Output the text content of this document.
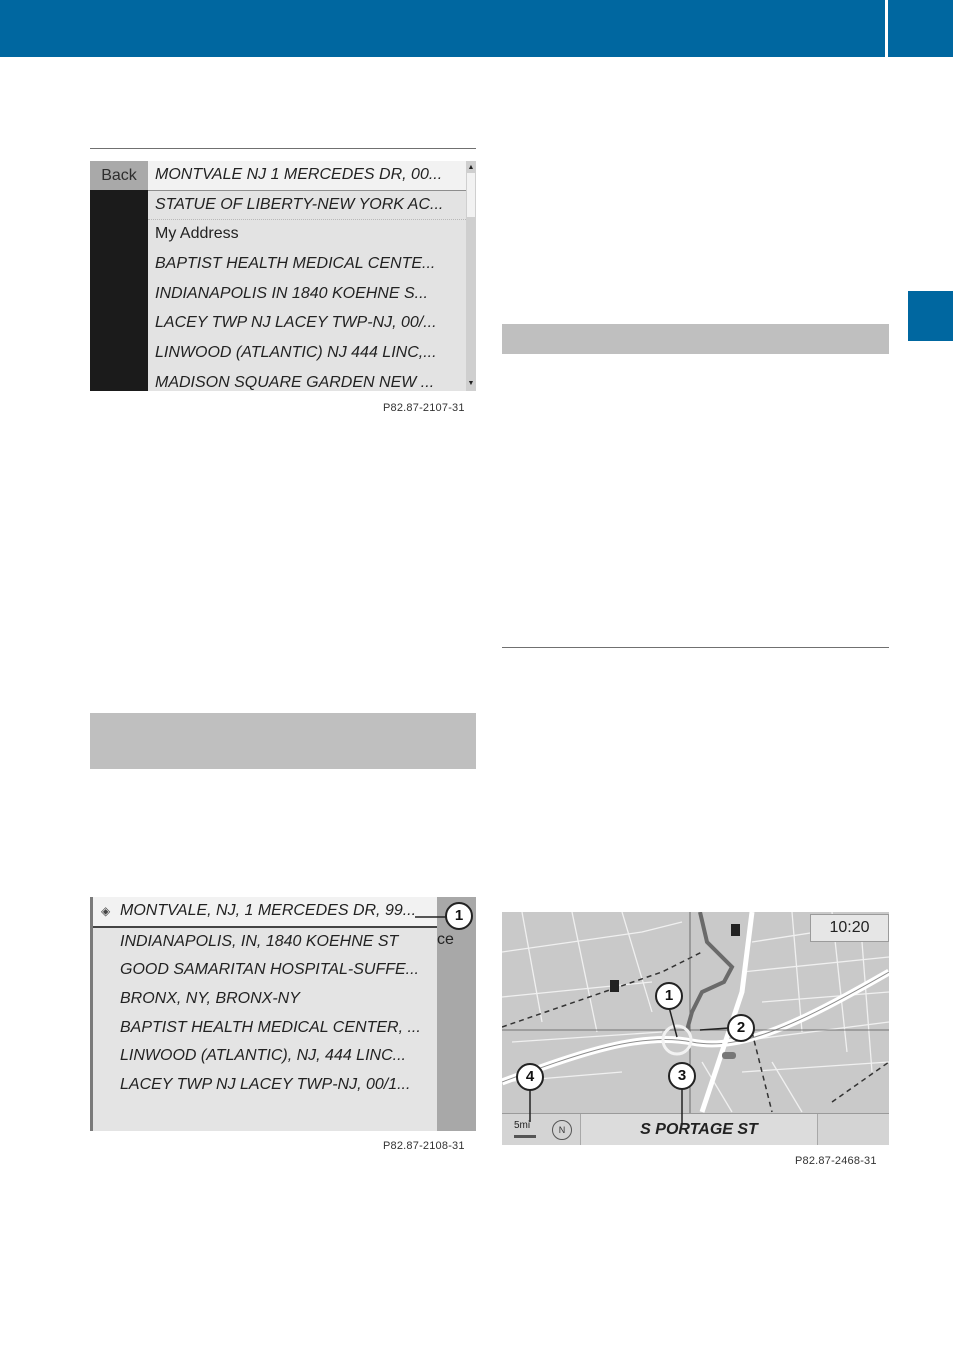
Back	MONTVALE NJ 1 MERCEDES DR, 00...
STATUE OF LIBERTY-NEW YORK AC...
My Address
BAPTIST HEALTH MEDICAL CENTE...
INDIANAPOLIS IN 1840 KOEHNE S...
LACEY TWP NJ LACEY TWP-NJ, 00/...
LINWOOD (ATLANTIC) NJ 444 LINC,...
MADISON SQUARE GARDEN NEW ...
▲
▼
P82.87-2107-31
◈ MONTVALE, NJ, 1 MERCEDES DR, 99...
INDIANAPOLIS, IN, 1840 KOEHNE ST
GOOD SAMARITAN HOSPITAL-SUFFE...
BRONX, NY, BRONX-NY
BAPTIST HEALTH MEDICAL CENTER, ...
LINWOOD (ATLANTIC), NJ, 444 LINC...
LACEY TWP NJ LACEY TWP-NJ, 00/1...
ce
1
P82.87-2108-31
10:20
5mi	N	S PORTAGE ST
1
2
3
4
P82.87-2468-31
